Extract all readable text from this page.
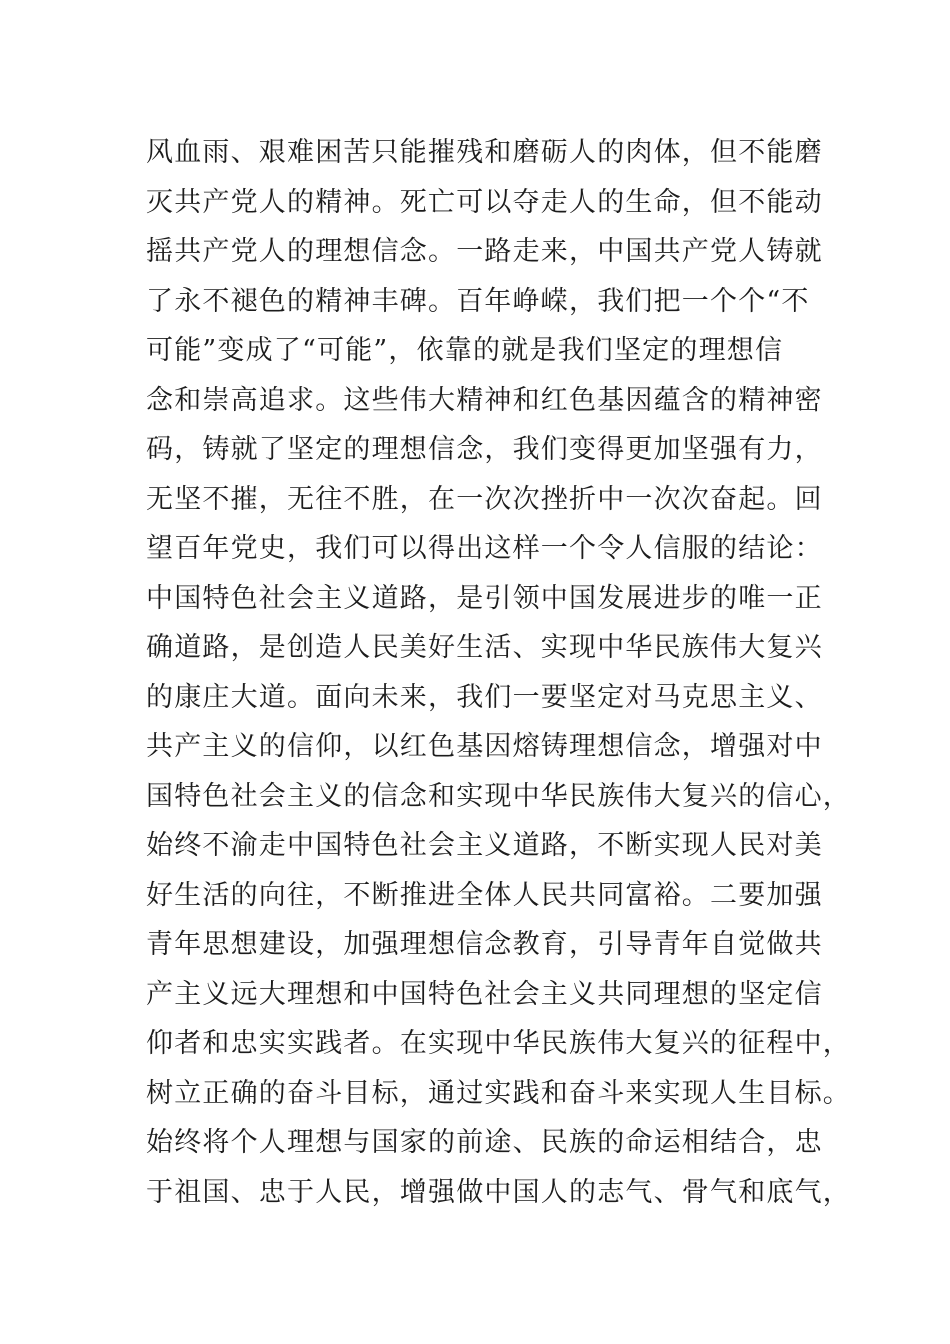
风血雨、艰难困苦只能摧残和磨砺人的肉体，但不能磨
灭共产党人的精神。死亡可以夺走人的生命，但不能动
摇共产党人的理想信念。一路走来，中国共产党人铸就
了永不褪色的精神丰碑。百年峥嵘，我们把一个个“不
可能”变成了“可能”，依靠的就是我们坚定的理想信
念和崇高追求。这些伟大精神和红色基因蕴含的精神密
码，铸就了坚定的理想信念，我们变得更加坚强有力，
无坚不摧，无往不胜，在一次次挫折中一次次奋起。回
望百年党史，我们可以得出这样一个令人信服的结论：
中国特色社会主义道路，是引领中国发展进步的唯一正
确道路，是创造人民美好生活、实现中华民族伟大复兴
的康庄大道。面向未来，我们一要坚定对马克思主义、
共产主义的信仰，以红色基因熔铸理想信念，增强对中
国特色社会主义的信念和实现中华民族伟大复兴的信心，
始终不渝走中国特色社会主义道路，不断实现人民对美
好生活的向往，不断推进全体人民共同富裕。二要加强
青年思想建设，加强理想信念教育，引导青年自觉做共
产主义远大理想和中国特色社会主义共同理想的坚定信
仰者和忠实实践者。在实现中华民族伟大复兴的征程中，
树立正确的奋斗目标，通过实践和奋斗来实现人生目标。
始终将个人理想与国家的前途、民族的命运相结合，忠
于祖国、忠于人民，增强做中国人的志气、骨气和底气，
